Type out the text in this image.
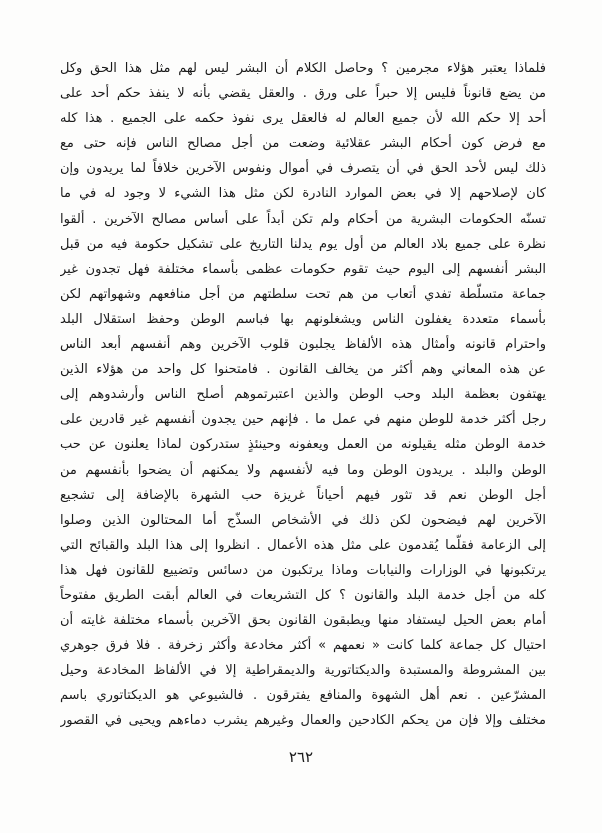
فلماذا يعتبر هؤلاء مجرمين ؟ وحاصل الكلام أن البشر ليس لهم مثل هذا الحق وكل
من يضع قانوناً فليس إلا حبراً على ورق . والعقل يقضي بأنه لا ينفذ حكم أحد على
أحد إلا حكم الله لأن جميع العالم له فالعقل يرى نفوذ حكمه على الجميع . هذا كله
مع فرض كون أحكام البشر عقلائية وضعت من أجل مصالح الناس فإنه حتى مع
ذلك ليس لأحد الحق في أن يتصرف في أموال ونفوس الآخرين خلافاً لما يريدون وإن
كان لإصلاحهم إلا في بعض الموارد النادرة لكن مثل هذا الشيء لا وجود له في ما
تسنّه الحكومات البشرية من أحكام ولم تكن أبداً على أساس مصالح الآخرين . ألقوا
نظرة على جميع بلاد العالم من أول يوم يدلنا التاريخ على تشكيل حكومة فيه من قبل
البشر أنفسهم إلى اليوم حيث تقوم حكومات عظمى بأسماء مختلفة فهل تجدون غير
جماعة متسلّطة تفدي أتعاب من هم تحت سلطتهم من أجل منافعهم وشهواتهم لكن
بأسماء متعددة يغفلون الناس ويشغلونهم بها فباسم الوطن وحفظ استقلال البلد
واحترام قانونه وأمثال هذه الألفاظ يجلبون قلوب الآخرين وهم أنفسهم أبعد الناس
عن هذه المعاني وهم أكثر من يخالف القانون . فامتحنوا كل واحد من هؤلاء الذين
يهتفون بعظمة البلد وحب الوطن والذين اعتبرتموهم أصلح الناس وأرشدوهم إلى
رجل أكثر خدمة للوطن منهم في عمل ما . فإنهم حين يجدون أنفسهم غير قادرين على
خدمة الوطن مثله يقيلونه من العمل ويعفونه وحينئذٍ ستدركون لماذا يعلنون عن حب
الوطن والبلد . يريدون الوطن وما فيه لأنفسهم ولا يمكنهم أن يضحوا بأنفسهم من
أجل الوطن نعم قد تثور فيهم أحياناً غريزة حب الشهرة بالإضافة إلى تشجيع
الآخرين لهم فيضحون لكن ذلك في الأشخاص السذّج أما المحتالون الذين وصلوا
إلى الزعامة فقلّما يُقدمون على مثل هذه الأعمال . انظروا إلى هذا البلد والقبائح التي
يرتكبونها في الوزارات والنيابات وماذا يرتكبون من دسائس وتضييع للقانون فهل هذا
كله من أجل خدمة البلد والقانون ؟ كل التشريعات في العالم أبقت الطريق مفتوحاً
أمام بعض الحيل ليستفاد منها ويطبقون القانون بحق الآخرين بأسماء مختلفة غايته أن
احتيال كل جماعة كلما كانت « نعمهم » أكثر مخادعة وأكثر زخرفة . فلا فرق جوهري
بين المشروطة والمستبدة والديكتاتورية والديمقراطية إلا في الألفاظ المخادعة وحيل
المشرّعين . نعم أهل الشهوة والمنافع يفترقون . فالشيوعي هو الديكتاتوري باسم
مختلف وإلا فإن من يحكم الكادحين والعمال وغيرهم يشرب دماءهم ويحيى في القصور
٢٦٢
